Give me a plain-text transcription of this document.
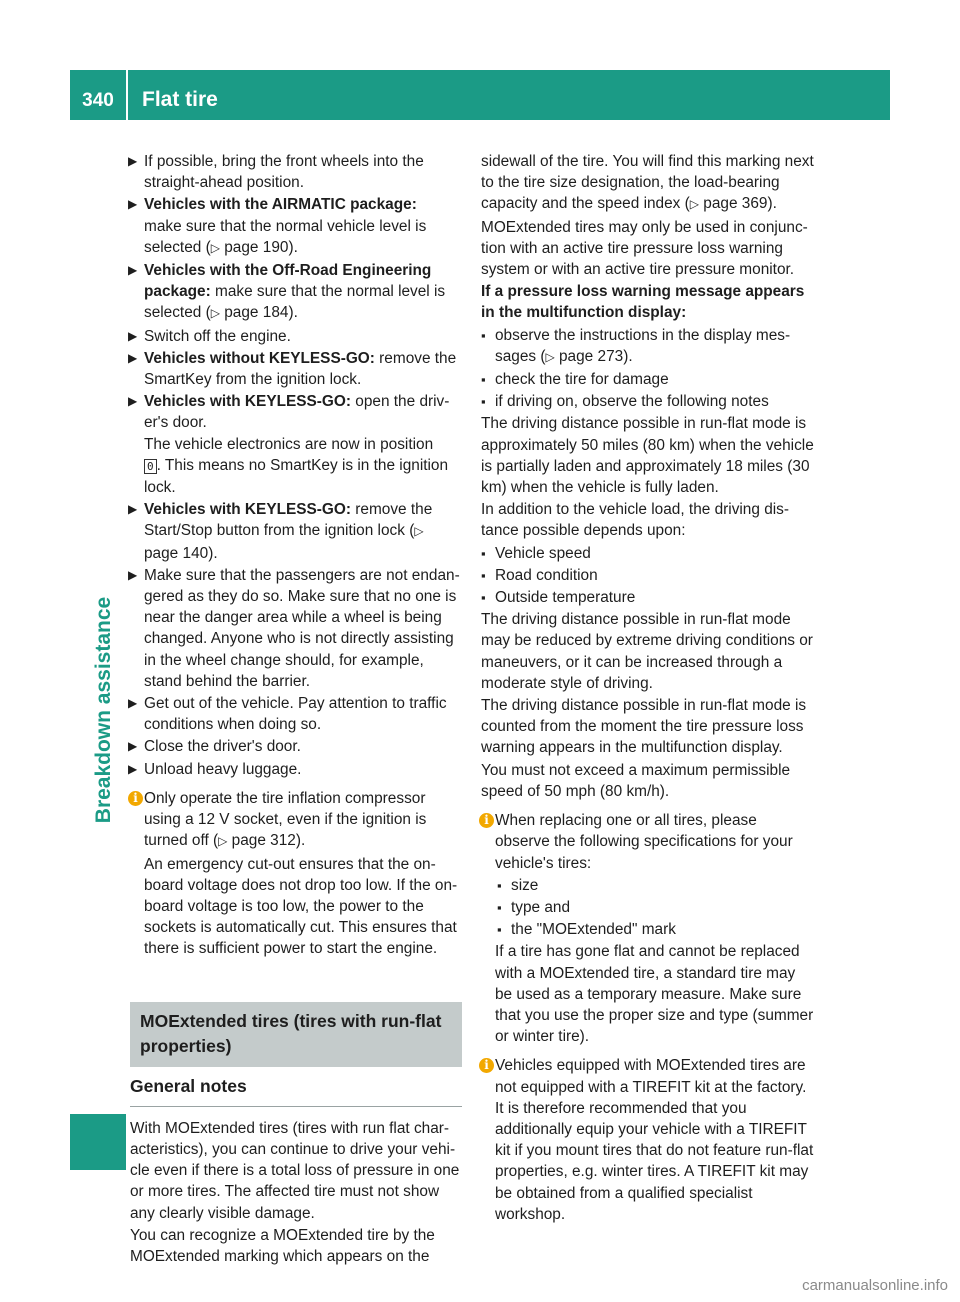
340	Flat tire
Breakdown assistance
▶ If possible, bring the front wheels into the straight-ahead position.
▶ Vehicles with the AIRMATIC package:
make sure that the normal vehicle level is selected (▷ page 190).
▶ Vehicles with the Off-Road Engineering package: make sure that the normal level is selected (▷ page 184).
▶ Switch off the engine.
▶ Vehicles without KEYLESS-GO: remove the SmartKey from the ignition lock.
▶ Vehicles with KEYLESS-GO: open the driver's door.
The vehicle electronics are now in position
0 . This means no SmartKey is in the ignition lock.
▶ Vehicles with KEYLESS-GO: remove the Start/Stop button from the ignition lock (▷ page 140).
▶ Make sure that the passengers are not endangered as they do so. Make sure that no one is near the danger area while a wheel is being changed. Anyone who is not directly assisting in the wheel change should, for example, stand behind the barrier.
▶ Get out of the vehicle. Pay attention to traffic conditions when doing so.
▶ Close the driver's door.
▶ Unload heavy luggage.
i Only operate the tire inflation compressor using a 12 V socket, even if the ignition is turned off (▷ page 312).

An emergency cut-out ensures that the on-board voltage does not drop too low. If the on-board voltage is too low, the power to the sockets is automatically cut. This ensures that there is sufficient power to start the engine.

MOExtended tires (tires with run-flat properties)
General notes

With MOExtended tires (tires with run flat characteristics), you can continue to drive your vehicle even if there is a total loss of pressure in one or more tires. The affected tire must not show any clearly visible damage.

You can recognize a MOExtended tire by the MOExtended marking which appears on the

sidewall of the tire. You will find this marking next to the tire size designation, the load-bearing capacity and the speed index (▷ page 369).

MOExtended tires may only be used in conjunction with an active tire pressure loss warning system or with an active tire pressure monitor.

If a pressure loss warning message appears in the multifunction display:

▪ observe the instructions in the display messages (▷ page 273).
▪ check the tire for damage
▪ if driving on, observe the following notes

The driving distance possible in run-flat mode is approximately 50 miles (80 km) when the vehicle is partially laden and approximately 18 miles (30 km) when the vehicle is fully laden.

In addition to the vehicle load, the driving distance possible depends upon:

▪ Vehicle speed
▪ Road condition
▪ Outside temperature

The driving distance possible in run-flat mode may be reduced by extreme driving conditions or maneuvers, or it can be increased through a moderate style of driving.

The driving distance possible in run-flat mode is counted from the moment the tire pressure loss warning appears in the multifunction display.

You must not exceed a maximum permissible speed of 50 mph (80 km/h).

i When replacing one or all tires, please observe the following specifications for your vehicle's tires:

▪ size
▪ type and
▪ the "MOExtended" mark

If a tire has gone flat and cannot be replaced with a MOExtended tire, a standard tire may be used as a temporary measure. Make sure that you use the proper size and type (summer or winter tire).

i Vehicles equipped with MOExtended tires are not equipped with a TIREFIT kit at the factory. It is therefore recommended that you additionally equip your vehicle with a TIREFIT kit if you mount tires that do not feature run-flat properties, e.g. winter tires. A TIREFIT kit may be obtained from a qualified specialist workshop.

carmanualsonline.info
